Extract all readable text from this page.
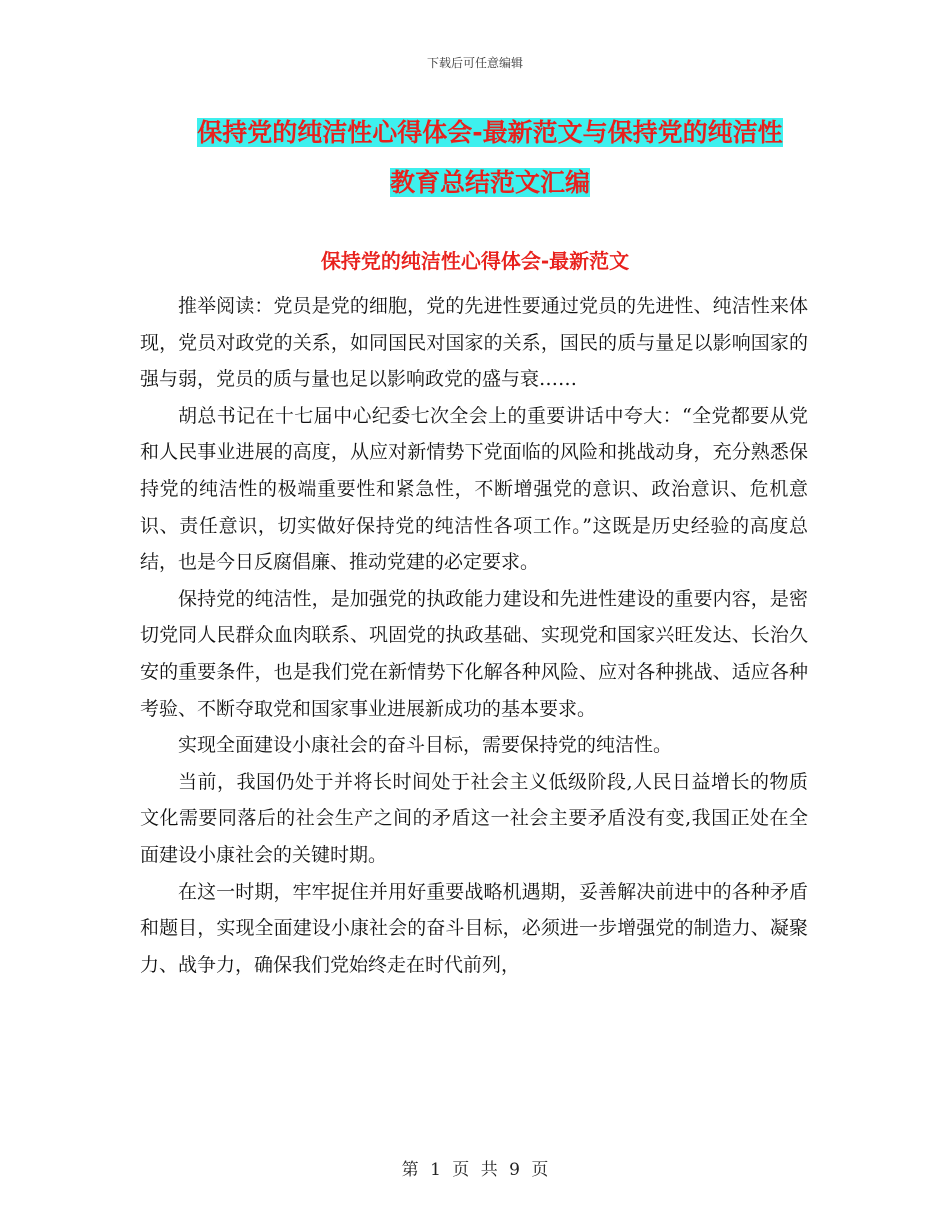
下载后可任意编辑
保持党的纯洁性心得体会-最新范文与保持党的纯洁性
教育总结范文汇编
保持党的纯洁性心得体会-最新范文

推举阅读：党员是党的细胞，党的先进性要通过党员的先进性、纯洁性来体现，党员对政党的关系，如同国民对国家的关系，国民的质与量足以影响国家的强与弱，党员的质与量也足以影响政党的盛与衰……

胡总书记在十七届中心纪委七次全会上的重要讲话中夸大：“全党都要从党和人民事业进展的高度，从应对新情势下党面临的风险和挑战动身，充分熟悉保持党的纯洁性的极端重要性和紧急性，不断增强党的意识、政治意识、危机意识、责任意识，切实做好保持党的纯洁性各项工作。”这既是历史经验的高度总结，也是今日反腐倡廉、推动党建的必定要求。

保持党的纯洁性，是加强党的执政能力建设和先进性建设的重要内容，是密切党同人民群众血肉联系、巩固党的执政基础、实现党和国家兴旺发达、长治久安的重要条件，也是我们党在新情势下化解各种风险、应对各种挑战、适应各种考验、不断夺取党和国家事业进展新成功的基本要求。

实现全面建设小康社会的奋斗目标，需要保持党的纯洁性。

当前，我国仍处于并将长时间处于社会主义低级阶段,人民日益增长的物质文化需要同落后的社会生产之间的矛盾这一社会主要矛盾没有变,我国正处在全面建设小康社会的关键时期。

在这一时期，牢牢捉住并用好重要战略机遇期，妥善解决前进中的各种矛盾和题目，实现全面建设小康社会的奋斗目标，必须进一步增强党的制造力、凝聚力、战争力，确保我们党始终走在时代前列，

第 1 页 共 9 页
